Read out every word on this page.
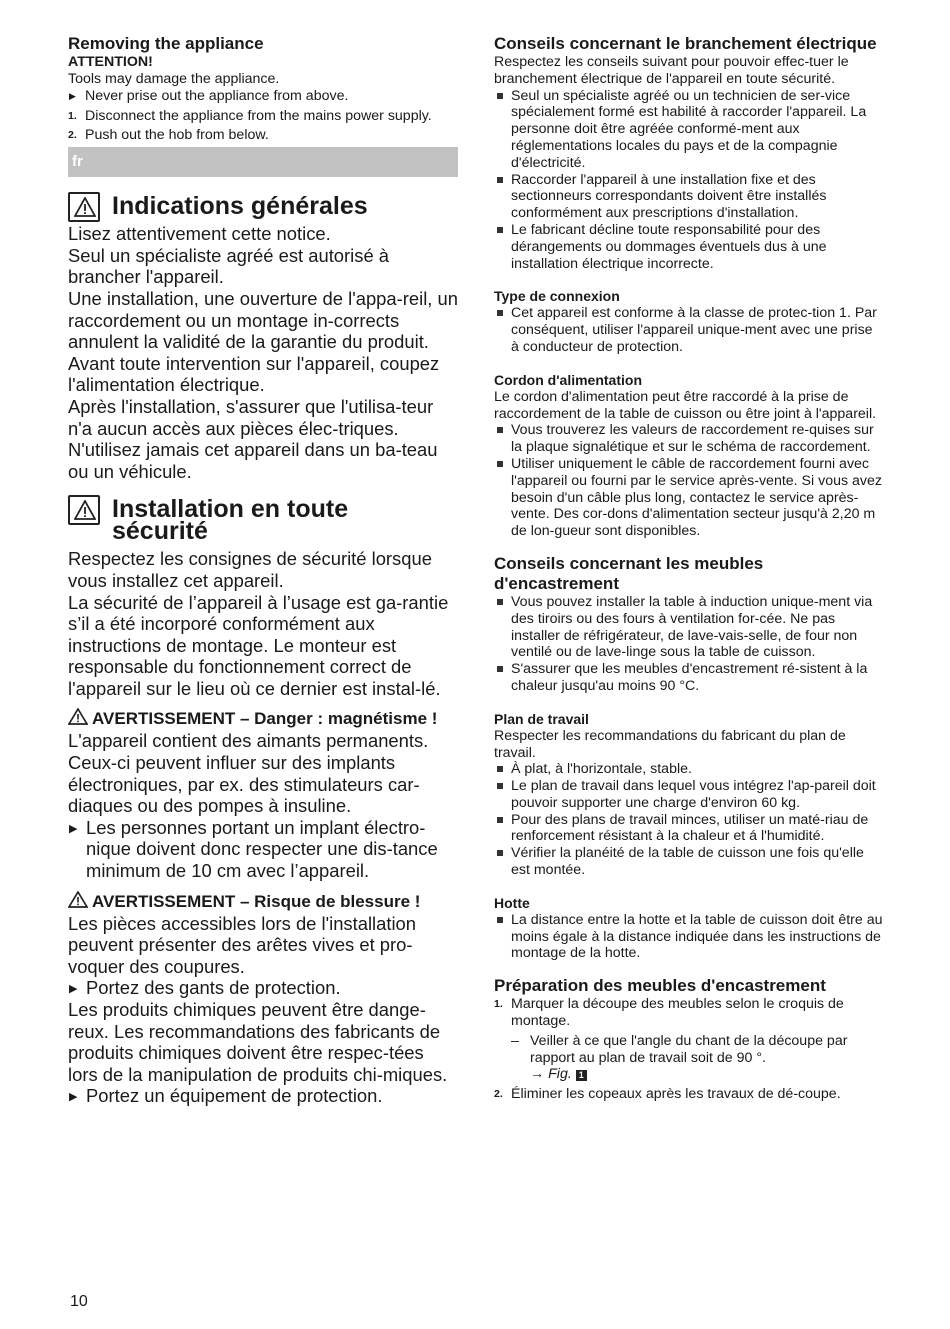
Removing the appliance
ATTENTION!
Tools may damage the appliance.
▶ Never prise out the appliance from above.
1. Disconnect the appliance from the mains power supply.
2. Push out the hob from below.
fr
Indications générales
Lisez attentivement cette notice.
Seul un spécialiste agréé est autorisé à brancher l'appareil.
Une installation, une ouverture de l'appa-reil, un raccordement ou un montage in-corrects annulent la validité de la garantie du produit.
Avant toute intervention sur l'appareil, coupez l'alimentation électrique.
Après l'installation, s'assurer que l'utilisa-teur n'a aucun accès aux pièces élec-triques.
N'utilisez jamais cet appareil dans un ba-teau ou un véhicule.
Installation en toute
sécurité
Respectez les consignes de sécurité lorsque vous installez cet appareil.
La sécurité de l’appareil à l’usage est ga-rantie s’il a été incorporé conformément aux instructions de montage. Le monteur est responsable du fonctionnement correct de l'appareil sur le lieu où ce dernier est instal-lé.
AVERTISSEMENT – Danger : magnétisme !
L'appareil contient des aimants permanents. Ceux-ci peuvent influer sur des implants électroniques, par ex. des stimulateurs car-diaques ou des pompes à insuline.
▶ Les personnes portant un implant électro-nique doivent donc respecter une dis-tance minimum de 10 cm avec l’appareil.
AVERTISSEMENT – Risque de blessure !
Les pièces accessibles lors de l'installation peuvent présenter des arêtes vives et pro-voquer des coupures.
▶ Portez des gants de protection.
Les produits chimiques peuvent être dange-reux. Les recommandations des fabricants de produits chimiques doivent être respec-tées lors de la manipulation de produits chi-miques.
▶ Portez un équipement de protection.
Conseils concernant le branchement électrique
Respectez les conseils suivant pour pouvoir effec-tuer le branchement électrique de l'appareil en toute sécurité.
Seul un spécialiste agréé ou un technicien de ser-vice spécialement formé est habilité à raccorder l'appareil. La personne doit être agréée conformé-ment aux réglementations locales du pays et de la compagnie d'électricité.
Raccorder l'appareil à une installation fixe et des sectionneurs correspondants doivent être installés conformément aux prescriptions d'installation.
Le fabricant décline toute responsabilité pour des dérangements ou dommages éventuels dus à une installation électrique incorrecte.
Type de connexion
Cet appareil est conforme à la classe de protec-tion 1. Par conséquent, utiliser l'appareil unique-ment avec une prise à conducteur de protection.
Cordon d'alimentation
Le cordon d'alimentation peut être raccordé à la prise de raccordement de la table de cuisson ou être joint à l'appareil.
Vous trouverez les valeurs de raccordement re-quises sur la plaque signalétique et sur le schéma de raccordement.
Utiliser uniquement le câble de raccordement fourni avec l'appareil ou fourni par le service après-vente. Si vous avez besoin d'un câble plus long, contactez le service après-vente. Des cor-dons d'alimentation secteur jusqu'à 2,20 m de lon-gueur sont disponibles.
Conseils concernant les meubles d'encastrement
Vous pouvez installer la table à induction unique-ment via des tiroirs ou des fours à ventilation for-cée. Ne pas installer de réfrigérateur, de lave-vais-selle, de four non ventilé ou de lave-linge sous la table de cuisson.
S'assurer que les meubles d'encastrement ré-sistent à la chaleur jusqu'au moins 90 °C.
Plan de travail
Respecter les recommandations du fabricant du plan de travail.
À plat, à l'horizontale, stable.
Le plan de travail dans lequel vous intégrez l'ap-pareil doit pouvoir supporter une charge d'environ 60 kg.
Pour des plans de travail minces, utiliser un maté-riau de renforcement résistant à la chaleur et á l'humidité.
Vérifier la planéité de la table de cuisson une fois qu'elle est montée.
Hotte
La distance entre la hotte et la table de cuisson doit être au moins égale à la distance indiquée dans les instructions de montage de la hotte.
Préparation des meubles d'encastrement
1. Marquer la découpe des meubles selon le croquis de montage.
– Veiller à ce que l'angle du chant de la découpe par rapport au plan de travail soit de 90 °.
→ Fig. 1
2. Éliminer les copeaux après les travaux de dé-coupe.
10
